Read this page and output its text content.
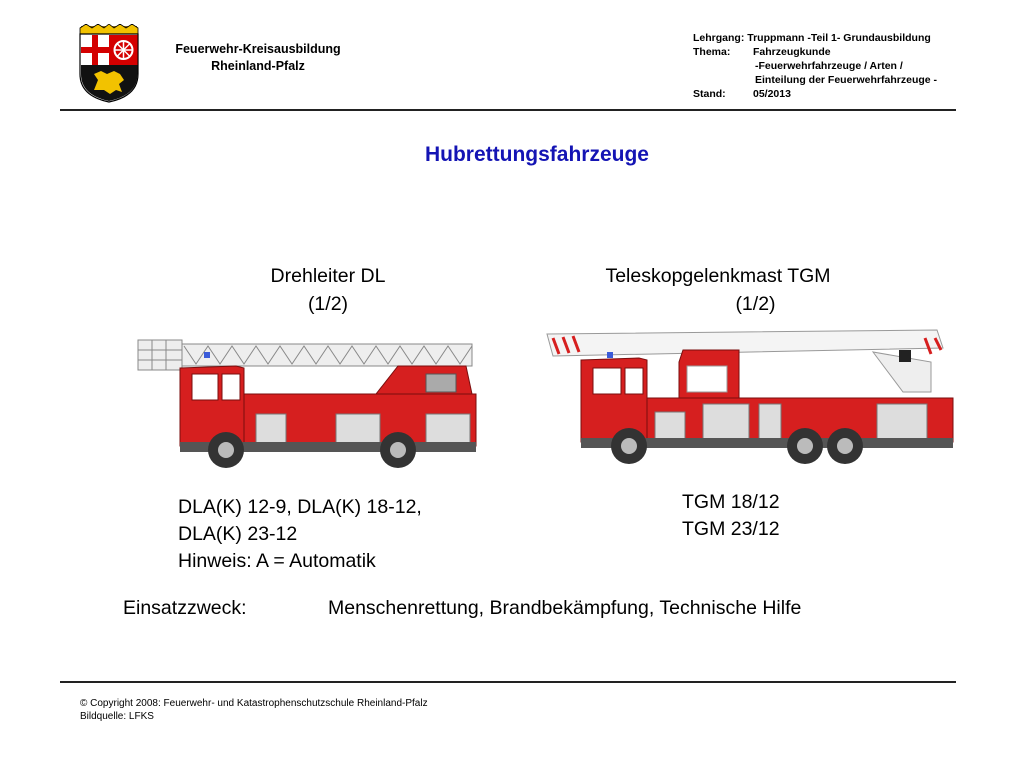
Feuerwehr-Kreisausbildung
Rheinland-Pfalz
Lehrgang: Truppmann -Teil 1- Grundausbildung
Thema:	Fahrzeugkunde
-Feuerwehrfahrzeuge / Arten /
Einteilung der Feuerwehrfahrzeuge -
Stand:	05/2013
Hubrettungsfahrzeuge
Drehleiter DL
(1/2)
Teleskopgelenkmast TGM
(1/2)
DLA(K) 12-9, DLA(K) 18-12,
DLA(K) 23-12
Hinweis: A = Automatik
TGM 18/12
TGM 23/12
Einsatzzweck:	Menschenrettung, Brandbekämpfung, Technische Hilfe
© Copyright 2008: Feuerwehr- und Katastrophenschutzschule Rheinland-Pfalz
Bildquelle: LFKS
